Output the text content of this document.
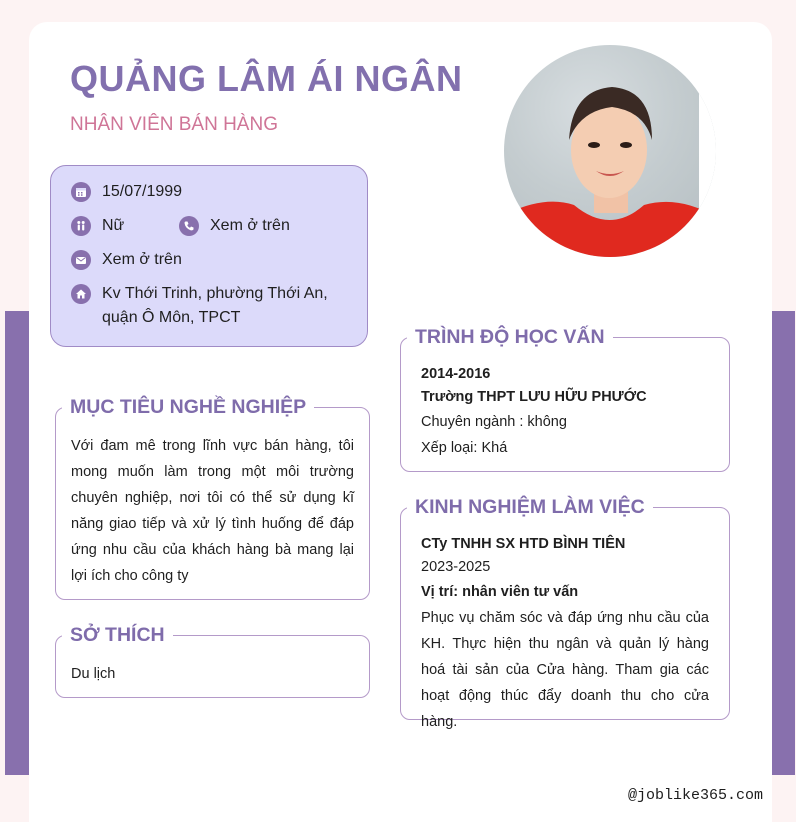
QUẢNG LÂM ÁI NGÂN
NHÂN VIÊN BÁN HÀNG
15/07/1999
Nữ	Xem ở trên
Xem ở trên
Kv Thới Trinh, phường Thới An,
quận Ô Môn, TPCT
MỤC TIÊU NGHỀ NGHIỆP
Với đam mê trong lĩnh vực bán hàng, tôi mong muốn làm trong một môi trường chuyên nghiệp, nơi tôi có thể sử dụng kĩ năng giao tiếp và xử lý tình huống để đáp ứng nhu cầu của khách hàng bà mang lại lợi ích cho công ty
SỞ THÍCH
Du lịch
TRÌNH ĐỘ HỌC VẤN
2014-2016
Trường THPT LƯU HỮU PHƯỚC
Chuyên ngành : không
Xếp loại: Khá
KINH NGHIỆM LÀM VIỆC
CTy TNHH SX HTD BÌNH TIÊN
2023-2025
Vị trí: nhân viên tư vấn
Phục vụ chăm sóc và đáp ứng nhu cầu của KH. Thực hiện thu ngân và quản lý hàng hoá tài sản của Cửa hàng. Tham gia các hoạt động thúc đẩy doanh thu cho cửa hàng.
@joblike365.com
